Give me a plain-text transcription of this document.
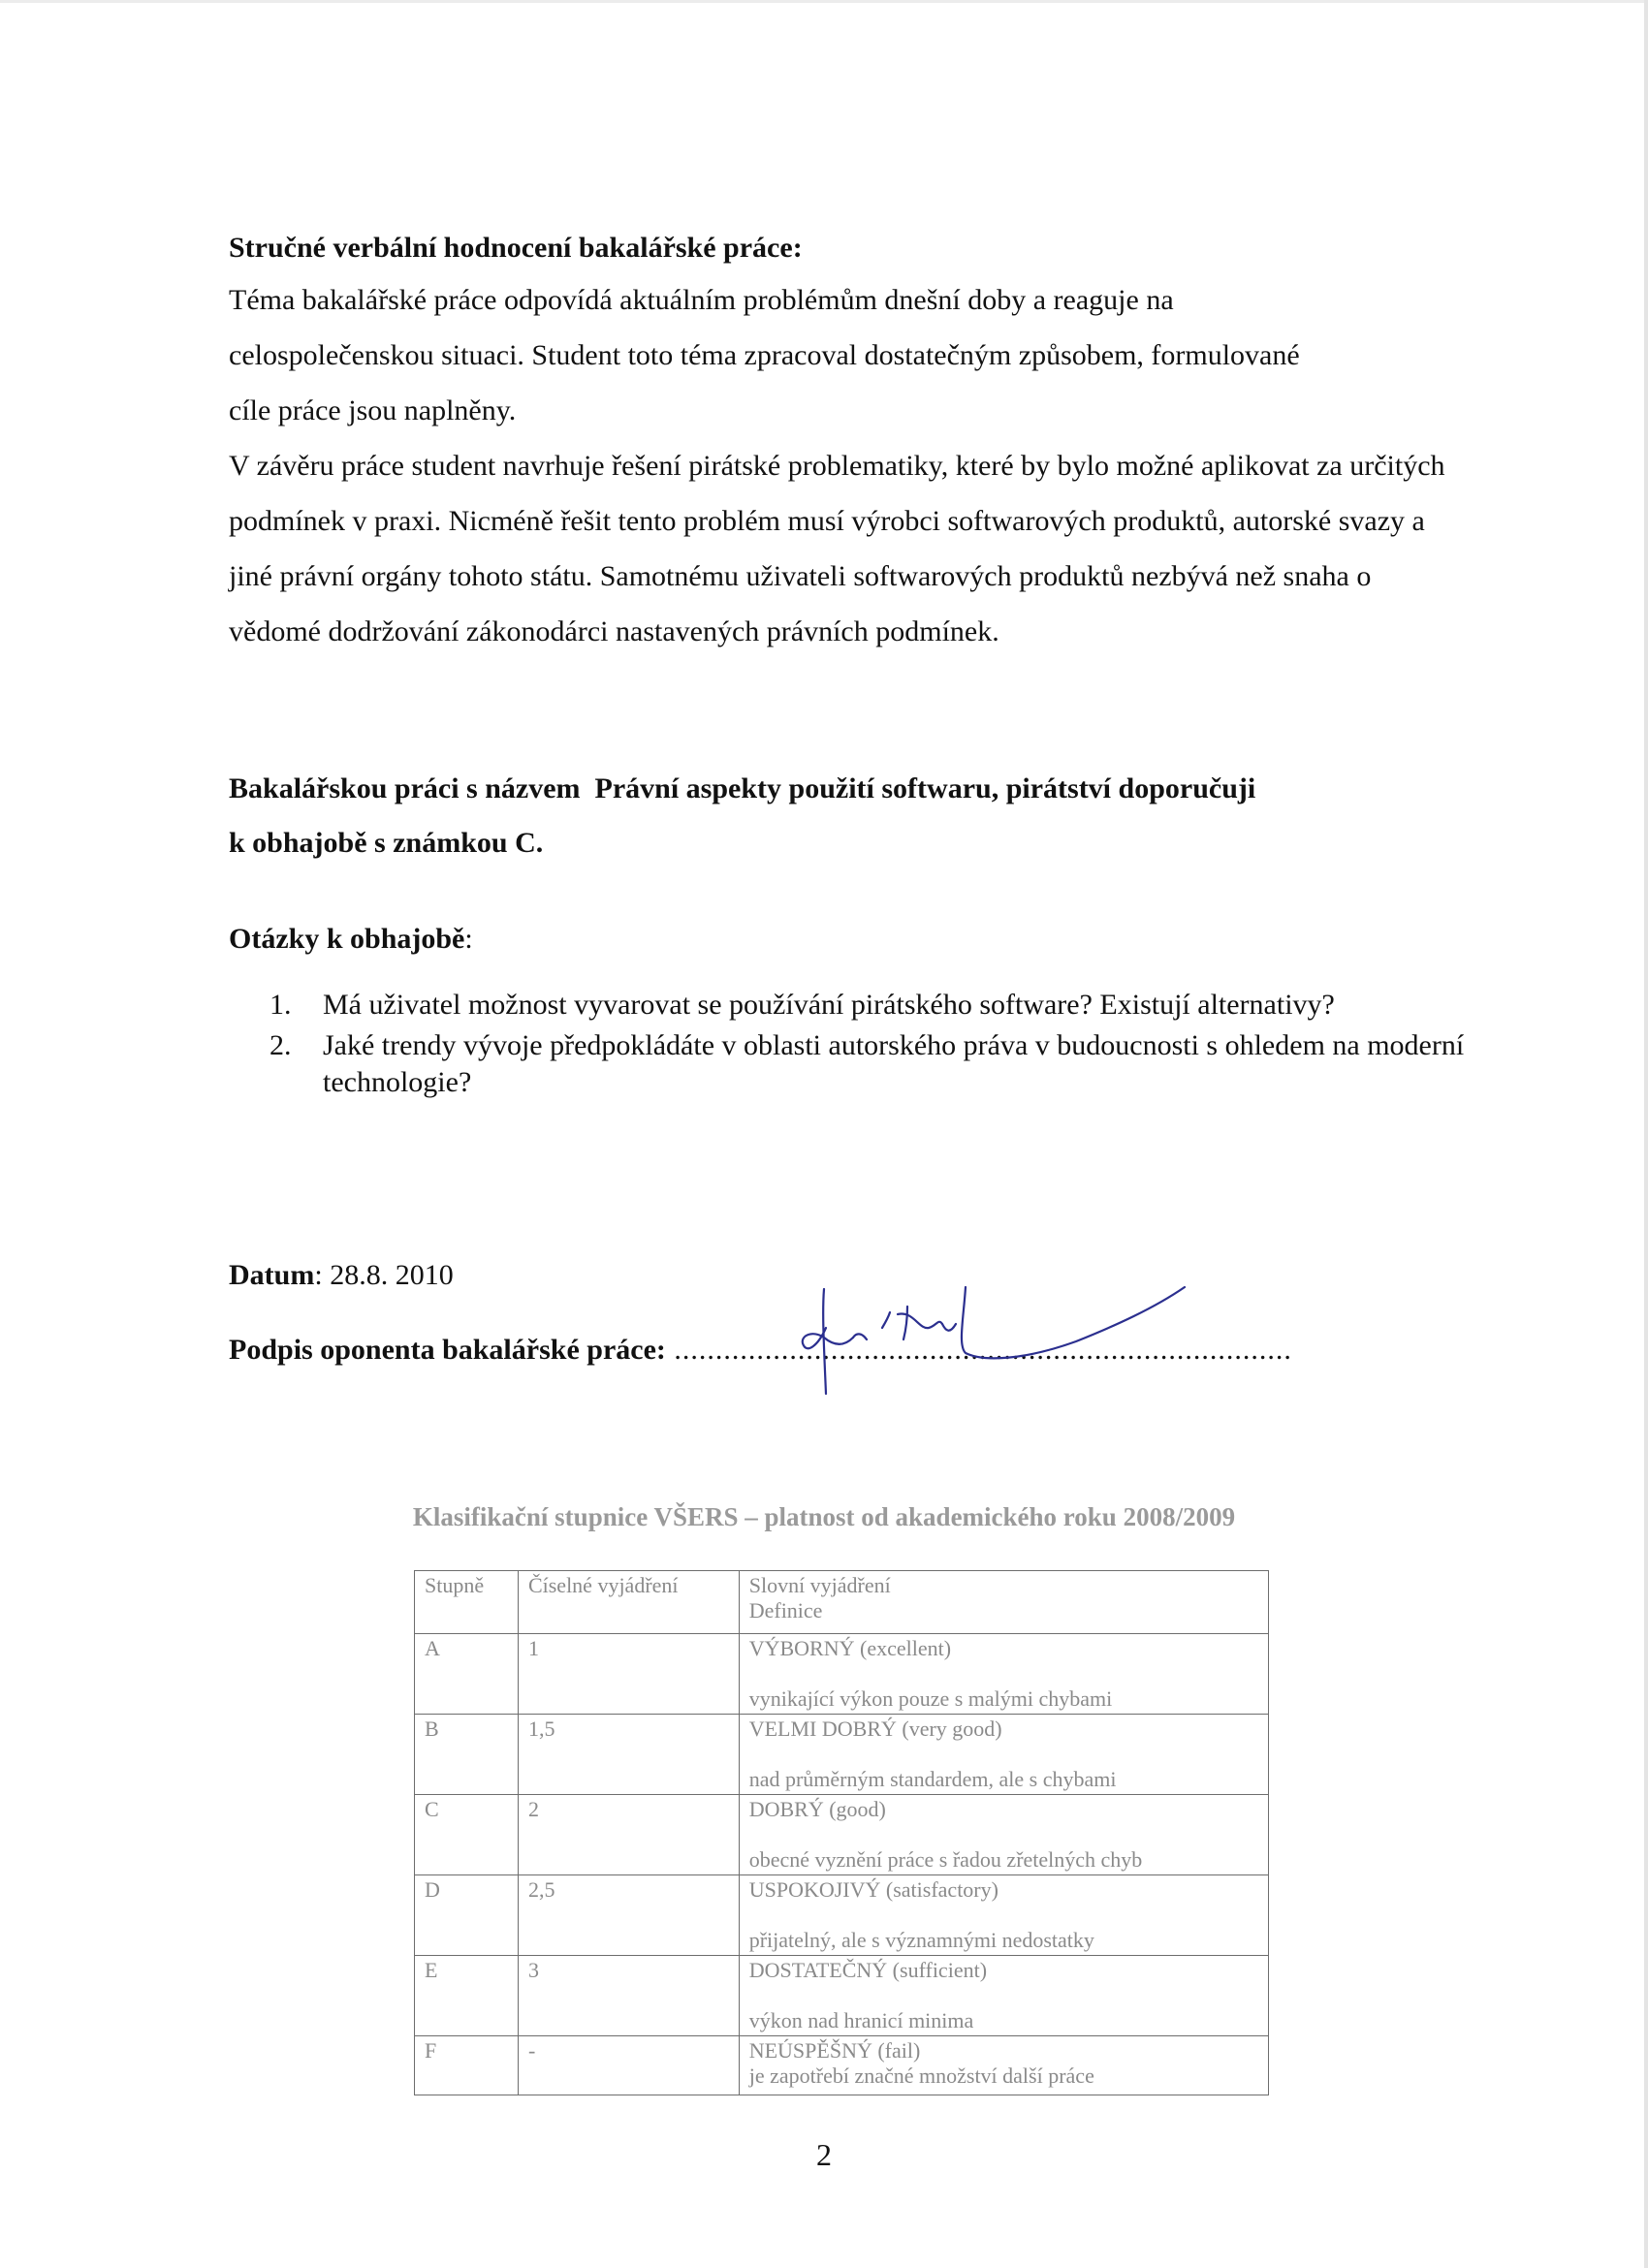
Stručné verbální hodnocení bakalářské práce:

Téma bakalářské práce odpovídá aktuálním problémům dnešní doby a reaguje na celospolečenskou situaci. Student toto téma zpracoval dostatečným způsobem, formulované cíle práce jsou naplněny.

V závěru práce student navrhuje řešení pirátské problematiky, které by bylo možné aplikovat za určitých podmínek v praxi. Nicméně řešit tento problém musí výrobci softwarových produktů, autorské svazy a jiné právní orgány tohoto státu. Samotnému uživateli softwarových produktů nezbývá než snaha o vědomé dodržování zákonodárci nastavených právních podmínek.

Bakalářskou práci s názvem  Právní aspekty použití softwaru, pirátství doporučuji

k obhajobě s známkou C.

Otázky k obhajobě:
1. Má uživatel možnost vyvarovat se používání pirátského software? Existují alternativy?
2. Jaké trendy vývoje předpokládáte v oblasti autorského práva v budoucnosti s ohledem na moderní technologie?
Datum: 28.8. 2010
Podpis oponenta bakalářské práce: ...........................................................................
Klasifikační stupnice VŠERS – platnost od akademického roku 2008/2009
Stupně	Číselné vyjádření	Slovní vyjádření
Definice

A	1	VÝBORNÝ (excellent)
vynikající výkon pouze s malými chybami

B	1,5	VELMI DOBRÝ (very good)
nad průměrným standardem, ale s chybami

C	2	DOBRÝ (good)
obecné vyznění práce s řadou zřetelných chyb

D	2,5	USPOKOJIVÝ (satisfactory)
přijatelný, ale s významnými nedostatky

E	3	DOSTATEČNÝ (sufficient)
výkon nad hranicí minima

F	-	NEÚSPĚŠNÝ (fail)
je zapotřebí značné množství další práce
2
